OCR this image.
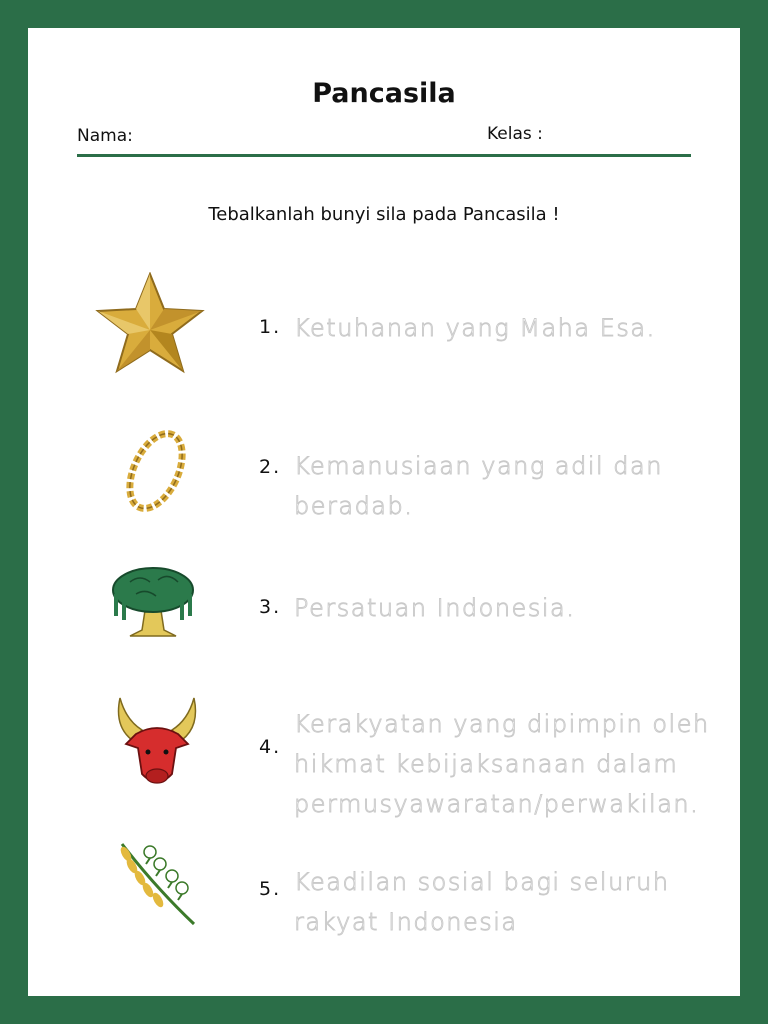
Pancasila
Nama:	Kelas :
Tebalkanlah bunyi sila pada Pancasila !
1. Ketuhanan yang Maha Esa.
2. Kemanusiaan yang adil dan
beradab.
3. Persatuan Indonesia.
4.
Kerakyatan yang dipimpin oleh
hikmat kebijaksanaan dalam
permusyawaratan/perwakilan.
5. Keadilan sosial bagi seluruh
rakyat Indonesia
